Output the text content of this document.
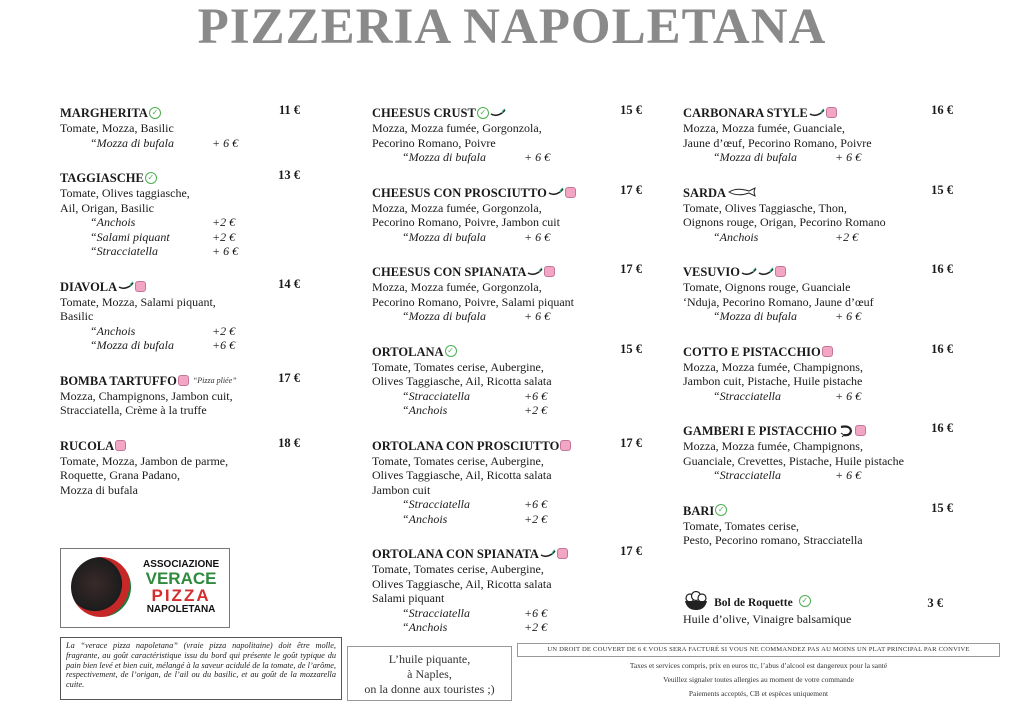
PIZZERIA NAPOLETANA
MARGHERITA ✓	11 €
Tomate, Mozza, Basilic
“Mozza di bufala	+ 6 €
TAGGIASCHE ✓	13 €
Tomate, Olives taggiasche,
Ail, Origan, Basilic
“Anchois	+2 €
“Salami piquant	+2 €
“Stracciatella	+ 6 €
DIAVOLA	14 €
Tomate, Mozza, Salami piquant,
Basilic
“Anchois	+2 €
“Mozza di bufala	+6 €
BOMBA TARTUFFO “Pizza pliée”	17 €
Mozza, Champignons, Jambon cuit,
Stracciatella, Crème à la truffe
RUCOLA	18 €
Tomate, Mozza, Jambon de parme,
Roquette, Grana Padano,
Mozza di bufala
CHEESUS CRUST ✓	15 €
Mozza, Mozza fumée, Gorgonzola,
Pecorino Romano, Poivre
“Mozza di bufala	+ 6 €
CHEESUS CON PROSCIUTTO	17 €
Mozza, Mozza fumée, Gorgonzola,
Pecorino Romano, Poivre, Jambon cuit
“Mozza di bufala	+ 6 €
CHEESUS CON SPIANATA	17 €
Mozza, Mozza fumée, Gorgonzola,
Pecorino Romano, Poivre, Salami piquant
“Mozza di bufala	+ 6 €
ORTOLANA ✓	15 €
Tomate, Tomates cerise, Aubergine,
Olives Taggiasche, Ail, Ricotta salata
“Stracciatella	+6 €
“Anchois	+2 €
ORTOLANA CON PROSCIUTTO	17 €
Tomate, Tomates cerise, Aubergine,
Olives Taggiasche, Ail, Ricotta salata
Jambon cuit
“Stracciatella	+6 €
“Anchois	+2 €
ORTOLANA CON SPIANATA	17 €
Tomate, Tomates cerise, Aubergine,
Olives Taggiasche, Ail, Ricotta salata
Salami piquant
“Stracciatella	+6 €
“Anchois	+2 €
CARBONARA STYLE	16 €
Mozza, Mozza fumée, Guanciale,
Jaune d’œuf, Pecorino Romano, Poivre
“Mozza di bufala	+ 6 €
SARDA	15 €
Tomate, Olives Taggiasche, Thon,
Oignons rouge, Origan, Pecorino Romano
“Anchois	+2 €
VESUVIO	16 €
Tomate, Oignons rouge, Guanciale
‘Nduja, Pecorino Romano, Jaune d’œuf
“Mozza di bufala	+ 6 €
COTTO E PISTACCHIO	16 €
Mozza, Mozza fumée, Champignons,
Jambon cuit, Pistache, Huile pistache
“Stracciatella	+ 6 €
GAMBERI E PISTACCHIO	16 €
Mozza, Mozza fumée, Champignons,
Guanciale, Crevettes, Pistache, Huile pistache
“Stracciatella	+ 6 €
BARI ✓	15 €
Tomate, Tomates cerise,
Pesto, Pecorino romano, Stracciatella
Bol de Roquette ✓	3 €
Huile d’olive, Vinaigre balsamique
ASSOCIAZIONE
VERACE
PIZZA
NAPOLETANA
La “verace pizza napoletana” (vraie pizza napolitaine) doit être molle, fragrante, au goût caractéristique issu du bord qui présente le goût typique du pain bien levé et bien cuit, mélangé à la saveur acidulé de la tomate, de l’arôme, respectivement, de l’origan, de l’ail ou du basilic, et au goût de la mozzarella cuite.
L’huile piquante,
à Naples,
on la donne aux touristes ;)
UN DROIT DE COUVERT DE 6 € VOUS SERA FACTURÉ SI VOUS NE COMMANDEZ PAS AU MOINS UN PLAT PRINCIPAL PAR CONVIVE
Taxes et services compris, prix en euros ttc, l’abus d’alcool est dangereux pour la santé
Veuillez signaler toutes allergies au moment de votre commande
Paiements acceptés, CB et espèces uniquement
